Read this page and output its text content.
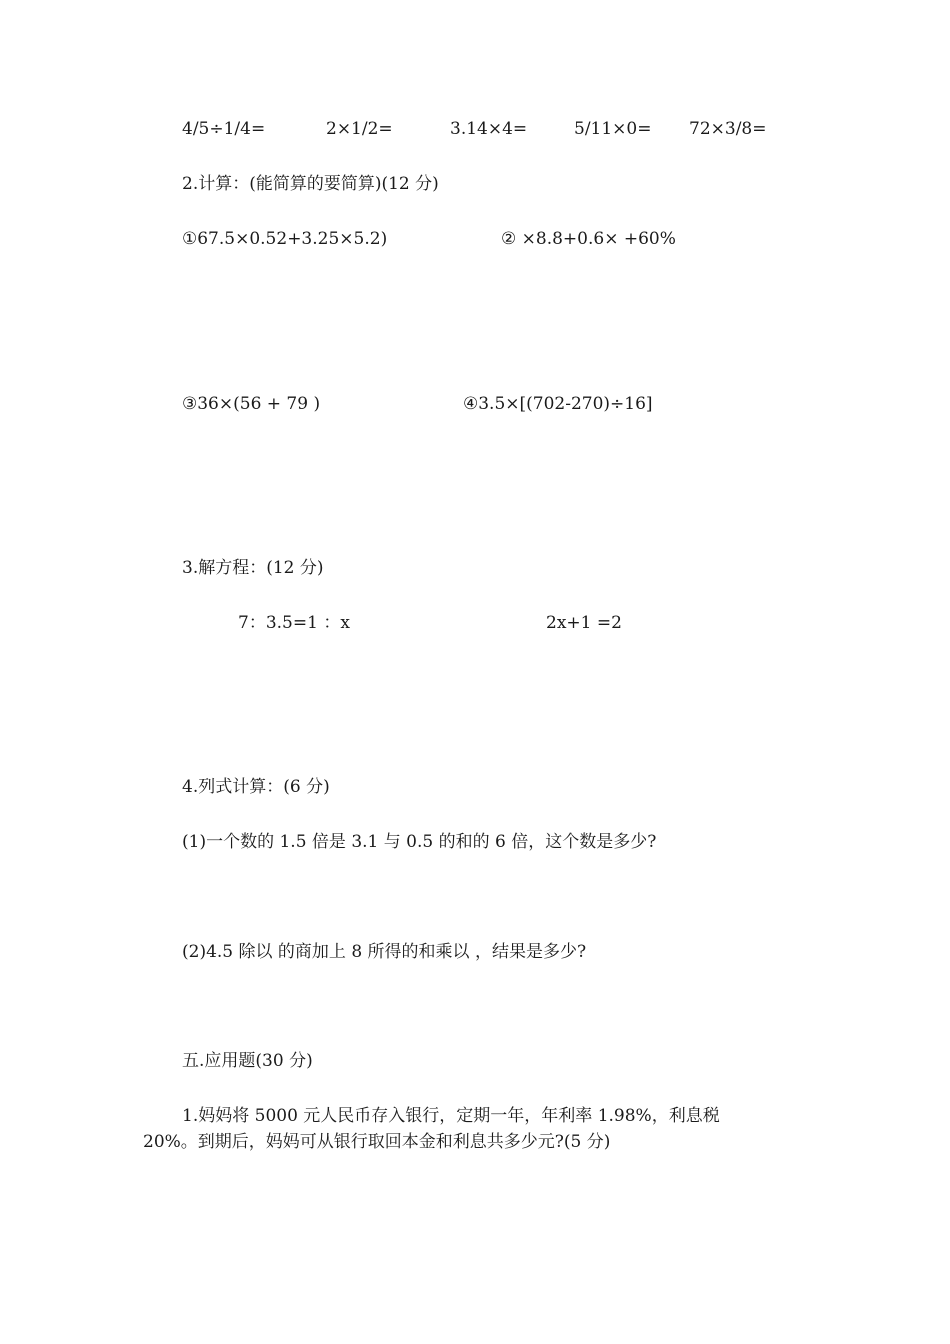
4/5÷1/4=	2×1/2=	3.14×4=	5/11×0= 72×3/8=
2.计算：(能简算的要简算)(12 分)
①67.5×0.52+3.25×5.2)	② ×8.8+0.6× +60%
③36×(56 + 79 )	④3.5×[(702-270)÷16]
3.解方程：(12 分)
7：3.5=1 ：x	2x+1 =2
4.列式计算：(6 分)
(1)一个数的 1.5 倍是 3.1 与 0.5 的和的 6 倍，这个数是多少?
(2)4.5 除以 的商加上 8 所得的和乘以 ，结果是多少?
五.应用题(30 分)
1.妈妈将 5000 元人民币存入银行，定期一年，年利率 1.98%，利息税
20%。到期后，妈妈可从银行取回本金和利息共多少元?(5 分)
